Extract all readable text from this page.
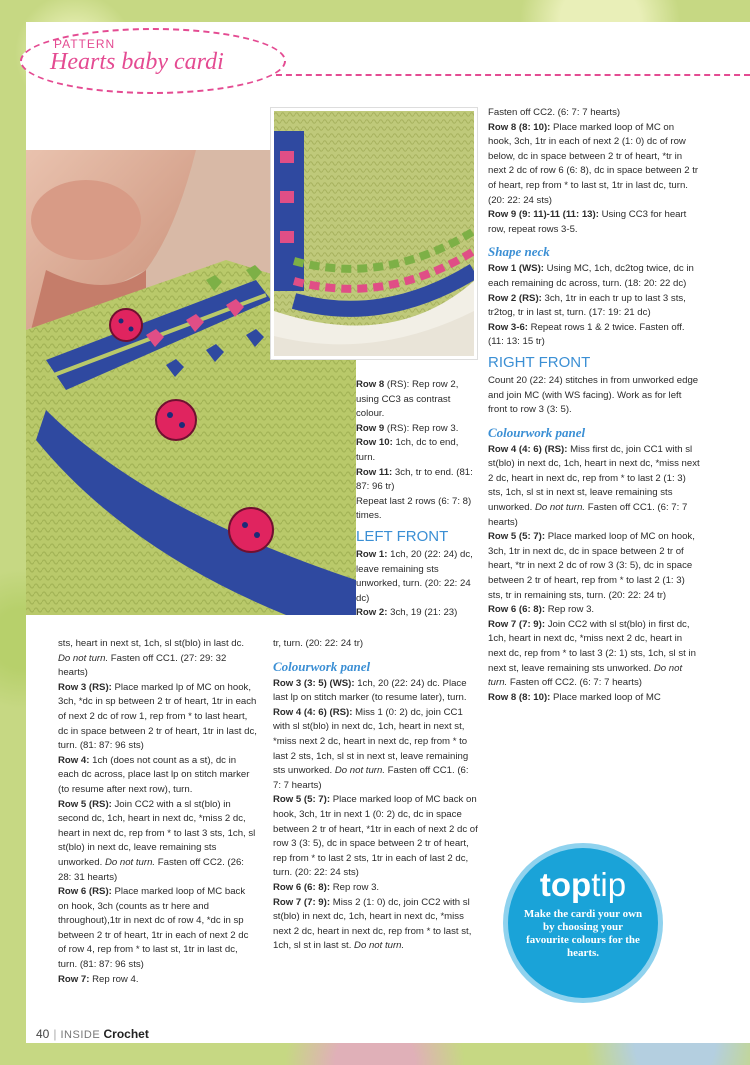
PATTERN
Hearts baby cardi

Row 8 (RS): Rep row 2, using CC3 as contrast colour.

Row 9 (RS): Rep row 3.

Row 10: 1ch, dc to end, turn.

Row 11: 3ch, tr to end. (81: 87: 96 tr)

Repeat last 2 rows (6: 7: 8) times.

LEFT FRONT

Row 1: 1ch, 20 (22: 24) dc, leave remaining sts unworked, turn. (20: 22: 24 dc)

Row 2: 3ch, 19 (21: 23)

sts, heart in next st, 1ch, sl st(blo) in last dc. Do not turn. Fasten off CC1. (27: 29: 32 hearts)

Row 3 (RS): Place marked lp of MC on hook, 3ch, *dc in sp between 2 tr of heart, 1tr in each of next 2 dc of row 1, rep from * to last heart, dc in space between 2 tr of heart, 1tr in last dc, turn. (81: 87: 96 sts)

Row 4: 1ch (does not count as a st), dc in each dc across, place last lp on stitch marker (to resume after next row), turn.

Row 5 (RS): Join CC2 with a sl st(blo) in second dc, 1ch, heart in next dc, *miss 2 dc, heart in next dc, rep from * to last 3 sts, 1ch, sl st(blo) in next dc, leave remaining sts unworked. Do not turn. Fasten off CC2. (26: 28: 31 hearts)

Row 6 (RS): Place marked loop of MC back on hook, 3ch (counts as tr here and throughout),1tr in next dc of row 4, *dc in sp between 2 tr of heart, 1tr in each of next 2 dc of row 4, rep from * to last st, 1tr in last dc, turn. (81: 87: 96 sts)

Row 7: Rep row 4.

tr, turn. (20: 22: 24 tr)

Colourwork panel

Row 3 (3: 5) (WS): 1ch, 20 (22: 24) dc. Place last lp on stitch marker (to resume later), turn.

Row 4 (4: 6) (RS): Miss 1 (0: 2) dc, join CC1 with sl st(blo) in next dc, 1ch, heart in next st, *miss next 2 dc, heart in next dc, rep from * to last 2 sts, 1ch, sl st in next st, leave remaining sts unworked. Do not turn. Fasten off CC1. (6: 7: 7 hearts)

Row 5 (5: 7): Place marked loop of MC back on hook, 3ch, 1tr in next 1 (0: 2) dc, dc in space between 2 tr of heart, *1tr in each of next 2 dc of row 3 (3: 5), dc in space between 2 tr of heart, rep from * to last 2 sts, 1tr in each of last 2 dc, turn. (20: 22: 24 sts)

Row 6 (6: 8): Rep row 3.

Row 7 (7: 9): Miss 2 (1: 0) dc, join CC2 with sl st(blo) in next dc, 1ch, heart in next dc, *miss next 2 dc, heart in next dc, rep from * to last st, 1ch, sl st in last st. Do not turn.

Fasten off CC2. (6: 7: 7 hearts)

Row 8 (8: 10): Place marked loop of MC on hook, 3ch, 1tr in each of next 2 (1: 0) dc of row below, dc in space between 2 tr of heart, *tr in next 2 dc of row 6 (6: 8), dc in space between 2 tr of heart, rep from * to last st, 1tr in last dc, turn. (20: 22: 24 sts)

Row 9 (9: 11)-11 (11: 13): Using CC3 for heart row, repeat rows 3-5.

Shape neck

Row 1 (WS): Using MC, 1ch, dc2tog twice, dc in each remaining dc across, turn. (18: 20: 22 dc)

Row 2 (RS): 3ch, 1tr in each tr up to last 3 sts, tr2tog, tr in last st, turn. (17: 19: 21 dc)

Row 3-6: Repeat rows 1 & 2 twice. Fasten off. (11: 13: 15 tr)

RIGHT FRONT

Count 20 (22: 24) stitches in from unworked edge and join MC (with WS facing). Work as for left front to row 3 (3: 5).

Colourwork panel

Row 4 (4: 6) (RS): Miss first dc, join CC1 with sl st(blo) in next dc, 1ch, heart in next dc, *miss next 2 dc, heart in next dc, rep from * to last 2 (1: 3) sts, 1ch, sl st in next st, leave remaining sts unworked. Do not turn. Fasten off CC1. (6: 7: 7 hearts)

Row 5 (5: 7): Place marked loop of MC on hook, 3ch, 1tr in next dc, dc in space between 2 tr of heart, *tr in next 2 dc of row 3 (3: 5), dc in space between 2 tr of heart, rep from * to last 2 (1: 3) sts, tr in remaining sts, turn. (20: 22: 24 tr)

Row 6 (6: 8): Rep row 3.

Row 7 (7: 9): Join CC2 with sl st(blo) in first dc, 1ch, heart in next dc, *miss next 2 dc, heart in next dc, rep from * to last 3 (2: 1) sts, 1ch, sl st in next st, leave remaining sts unworked. Do not turn. Fasten off CC2. (6: 7: 7 hearts)

Row 8 (8: 10): Place marked loop of MC

toptip
Make the cardi your own by choosing your favourite colours for the hearts.
40 | INSIDE Crochet
